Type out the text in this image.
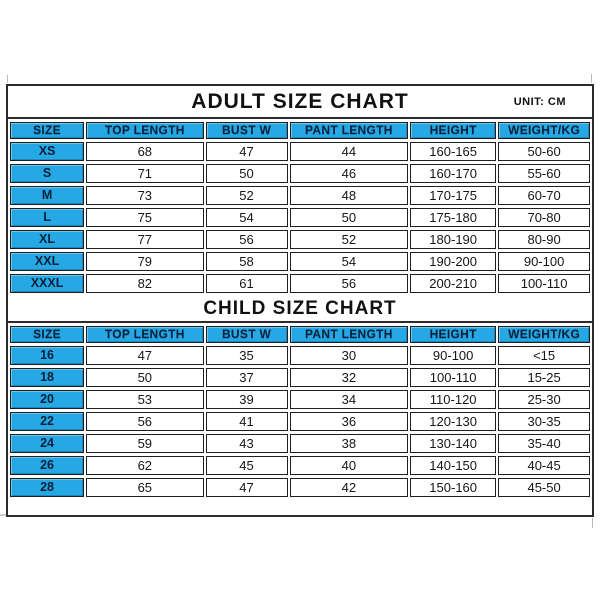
ADULT SIZE CHART	UNIT: CM
SIZE	TOP LENGTH	BUST W	PANT LENGTH	HEIGHT	WEIGHT/KG
XS	68	47	44	160-165	50-60
S	71	50	46	160-170	55-60
M	73	52	48	170-175	60-70
L	75	54	50	175-180	70-80
XL	77	56	52	180-190	80-90
XXL	79	58	54	190-200	90-100
XXXL	82	61	56	200-210	100-110
CHILD SIZE CHART
SIZE	TOP LENGTH	BUST W	PANT LENGTH	HEIGHT	WEIGHT/KG
16	47	35	30	90-100	<15
18	50	37	32	100-110	15-25
20	53	39	34	110-120	25-30
22	56	41	36	120-130	30-35
24	59	43	38	130-140	35-40
26	62	45	40	140-150	40-45
28	65	47	42	150-160	45-50
